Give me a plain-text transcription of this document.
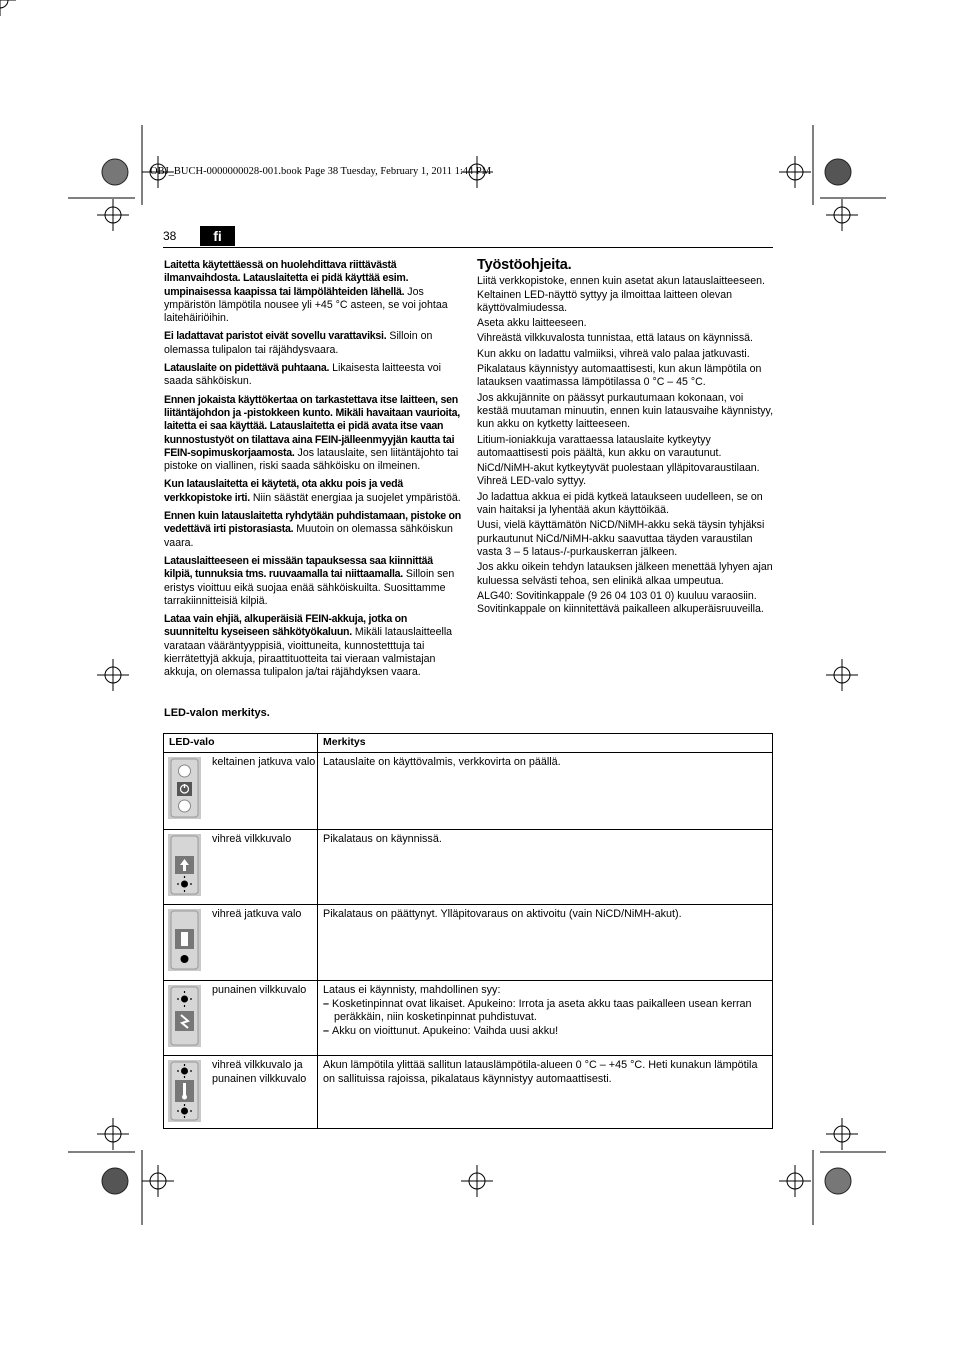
OBJ_BUCH-0000000028-001.book Page 38 Tuesday, February 1, 2011 1:44 PM
38	fi

Laitetta käytettäessä on huolehdittava riittävästä ilmanvaihdosta. Latauslaitetta ei pidä käyttää esim. umpinaisessa kaapissa tai lämpölähteiden lähellä. Jos ympäristön lämpötila nousee yli +45 °C asteen, se voi johtaa laitehäiriöihin.

Ei ladattavat paristot eivät sovellu varattaviksi. Silloin on olemassa tulipalon tai räjähdysvaara.

Latauslaite on pidettävä puhtaana. Likaisesta laitteesta voi saada sähköiskun.

Ennen jokaista käyttökertaa on tarkastettava itse laitteen, sen liitäntäjohdon ja -pistokkeen kunto. Mikäli havaitaan vaurioita, laitetta ei saa käyttää. Latauslaitetta ei pidä avata itse vaan kunnostustyöt on tilattava aina FEIN-jälleenmyyjän kautta tai FEIN-sopimuskorjaamosta. Jos latauslaite, sen liitäntäjohto tai pistoke on viallinen, riski saada sähköisku on ilmeinen.

Kun latauslaitetta ei käytetä, ota akku pois ja vedä verkkopistoke irti. Niin säästät energiaa ja suojelet ympäristöä.

Ennen kuin latauslaitetta ryhdytään puhdistamaan, pistoke on vedettävä irti pistorasiasta. Muutoin on olemassa sähköiskun vaara.

Latauslaitteeseen ei missään tapauksessa saa kiinnittää kilpiä, tunnuksia tms. ruuvaamalla tai niittaamalla. Silloin sen eristys vioittuu eikä suojaa enää sähköiskuilta. Suosittamme tarrakiinnitteisiä kilpiä.

Lataa vain ehjiä, alkuperäisiä FEIN-akkuja, jotka on suunniteltu kyseiseen sähkötyökaluun. Mikäli latauslaitteella varataan vääräntyyppisiä, vioittuneita, kunnostetttuja tai kierrätettyjä akkuja, piraattituotteita tai vieraan valmistajan akkuja, on olemassa tulipalon ja/tai räjähdyksen vaara.

LED-valon merkitys.
Työstöohjeita.

Liitä verkkopistoke, ennen kuin asetat akun latauslaitteeseen. Keltainen LED-näyttö syttyy ja ilmoittaa laitteen olevan käyttövalmiudessa.

Aseta akku laitteeseen.

Vihreästä vilkkuvalosta tunnistaa, että lataus on käynnissä.

Kun akku on ladattu valmiiksi, vihreä valo palaa jatkuvasti.

Pikalataus käynnistyy automaattisesti, kun akun lämpötila on latauksen vaatimassa lämpötilassa 0 °C – 45 °C.

Jos akkujännite on päässyt purkautumaan kokonaan, voi kestää muutaman minuutin, ennen kuin latausvaihe käynnistyy, kun akku on kytketty laitteeseen.

Litium-ioniakkuja varattaessa latauslaite kytkeytyy automaattisesti pois päältä, kun akku on varautunut.

NiCd/NiMH-akut kytkeytyvät puolestaan ylläpitovaraustilaan. Vihreä LED-valo syttyy.

Jo ladattua akkua ei pidä kytkeä lataukseen uudelleen, se on vain haitaksi ja lyhentää akun käyttöikää.

Uusi, vielä käyttämätön NiCD/NiMH-akku sekä täysin tyhjäksi purkautunut NiCd/NiMH-akku saavuttaa täyden varaustilan vasta 3 – 5 lataus-/-purkauskerran jälkeen.

Jos akku oikein tehdyn latauksen jälkeen menettää lyhyen ajan kuluessa selvästi tehoa, sen elinikä alkaa umpeutua.

ALG40: Sovitinkappale (9 26 04 103 01 0) kuuluu varaosiin. Sovitinkappale on kiinnitettävä paikalleen alkuperäisruuveilla.

LED-valo	Merkitys

keltainen jatkuva valo	Latauslaite on käyttövalmis, verkkovirta on päällä.

vihreä vilkkuvalo	Pikalataus on käynnissä.

vihreä jatkuva valo	Pikalataus on päättynyt. Ylläpitovaraus on aktivoitu (vain NiCD/NiMH-akut).

punainen vilkkuvalo	Lataus ei käynnisty, mahdollinen syy:
– Kosketinpinnat ovat likaiset. Apukeino: Irrota ja aseta akku taas paikalleen usean kerran peräkkäin, niin kosketinpinnat puhdistuvat.
– Akku on vioittunut. Apukeino: Vaihda uusi akku!

vihreä vilkkuvalo ja punainen vilkkuvalo	Akun lämpötila ylittää sallitun latauslämpötila-alueen 0 °C – +45 °C. Heti kunakun lämpötila on sallituissa rajoissa, pikalataus käynnistyy automaattisesti.
